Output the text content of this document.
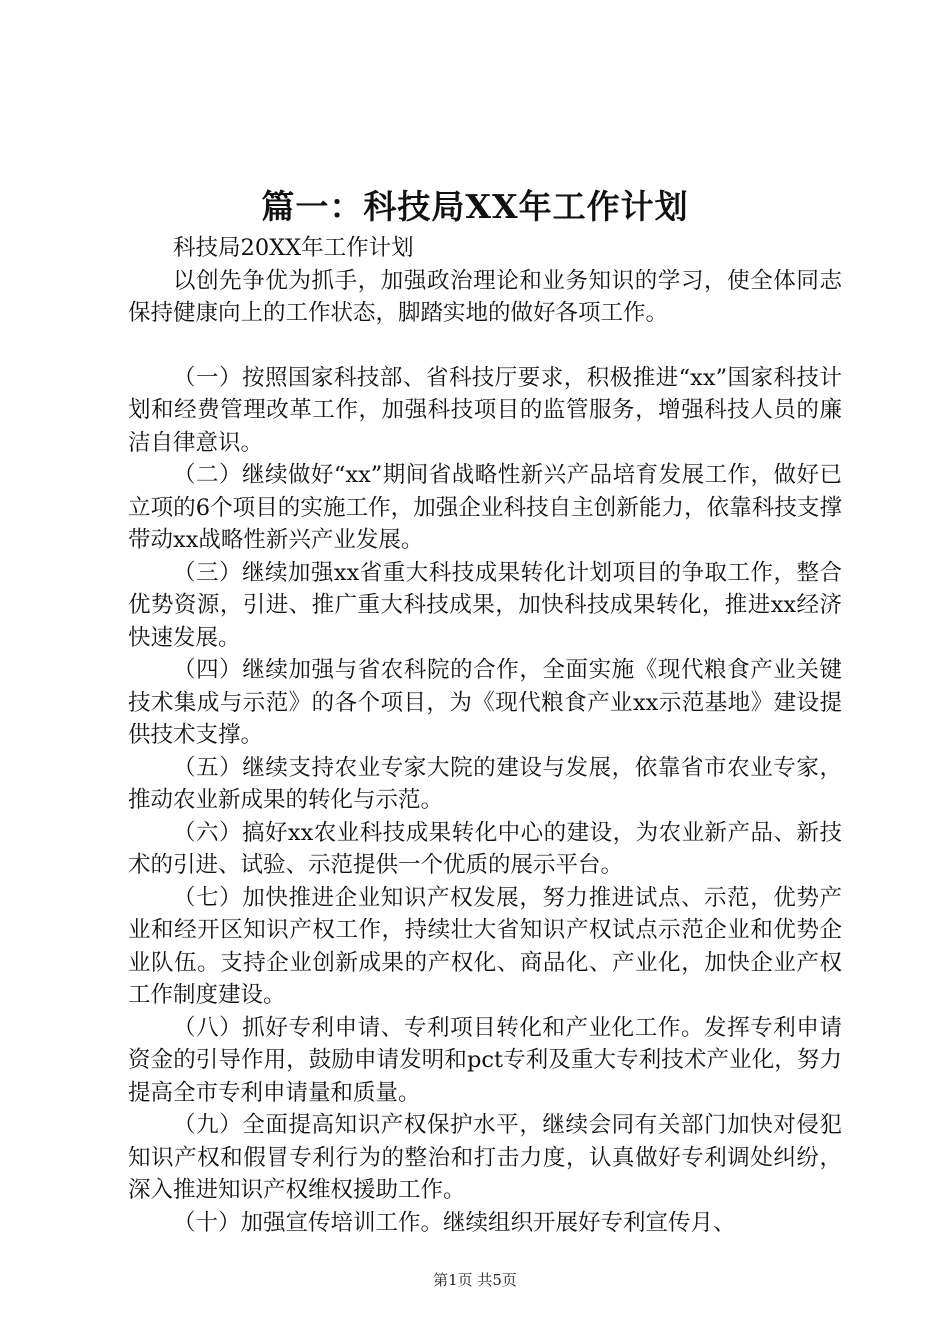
篇一：科技局XX年工作计划

科技局20XX年工作计划

以创先争优为抓手，加强政治理论和业务知识的学习，使全体同志保持健康向上的工作状态，脚踏实地的做好各项工作。

（一）按照国家科技部、省科技厅要求，积极推进“xx”国家科技计划和经费管理改革工作，加强科技项目的监管服务，增强科技人员的廉洁自律意识。

（二）继续做好“xx”期间省战略性新兴产品培育发展工作，做好已立项的6个项目的实施工作，加强企业科技自主创新能力，依靠科技支撑带动xx战略性新兴产业发展。

（三）继续加强xx省重大科技成果转化计划项目的争取工作，整合优势资源，引进、推广重大科技成果，加快科技成果转化，推进xx经济快速发展。

（四）继续加强与省农科院的合作，全面实施《现代粮食产业关键技术集成与示范》的各个项目，为《现代粮食产业xx示范基地》建设提供技术支撑。

（五）继续支持农业专家大院的建设与发展，依靠省市农业专家，推动农业新成果的转化与示范。

（六）搞好xx农业科技成果转化中心的建设，为农业新产品、新技术的引进、试验、示范提供一个优质的展示平台。

（七）加快推进企业知识产权发展，努力推进试点、示范，优势产业和经开区知识产权工作，持续壮大省知识产权试点示范企业和优势企业队伍。支持企业创新成果的产权化、商品化、产业化，加快企业产权工作制度建设。

（八）抓好专利申请、专利项目转化和产业化工作。发挥专利申请资金的引导作用，鼓励申请发明和pct专利及重大专利技术产业化，努力提高全市专利申请量和质量。

（九）全面提高知识产权保护水平，继续会同有关部门加快对侵犯知识产权和假冒专利行为的整治和打击力度，认真做好专利调处纠纷，深入推进知识产权维权援助工作。

（十）加强宣传培训工作。继续组织开展好专利宣传月、

第1页 共5页
